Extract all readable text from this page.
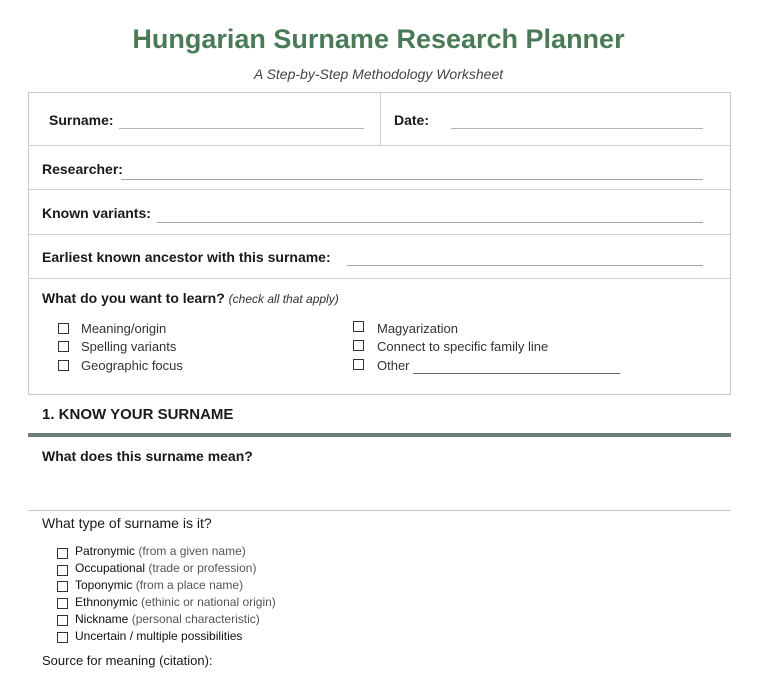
Hungarian Surname Research Planner
A Step-by-Step Methodology Worksheet
Surname:	Date:
Researcher:
Known variants:
Earliest known ancestor with this surname:
What do you want to learn? (check all that apply)
Meaning/origin
Spelling variants
Geographic focus
Magyarization
Connect to specific family line
Other
1. KNOW YOUR SURNAME
What does this surname mean?
What type of surname is it?
Patronymic (from a given name)
Occupational (trade or profession)
Toponymic (from a place name)
Ethnonymic (ethinic or national origin)
Nickname (personal characteristic)
Uncertain / multiple possibilities
Source for meaning (citation):
